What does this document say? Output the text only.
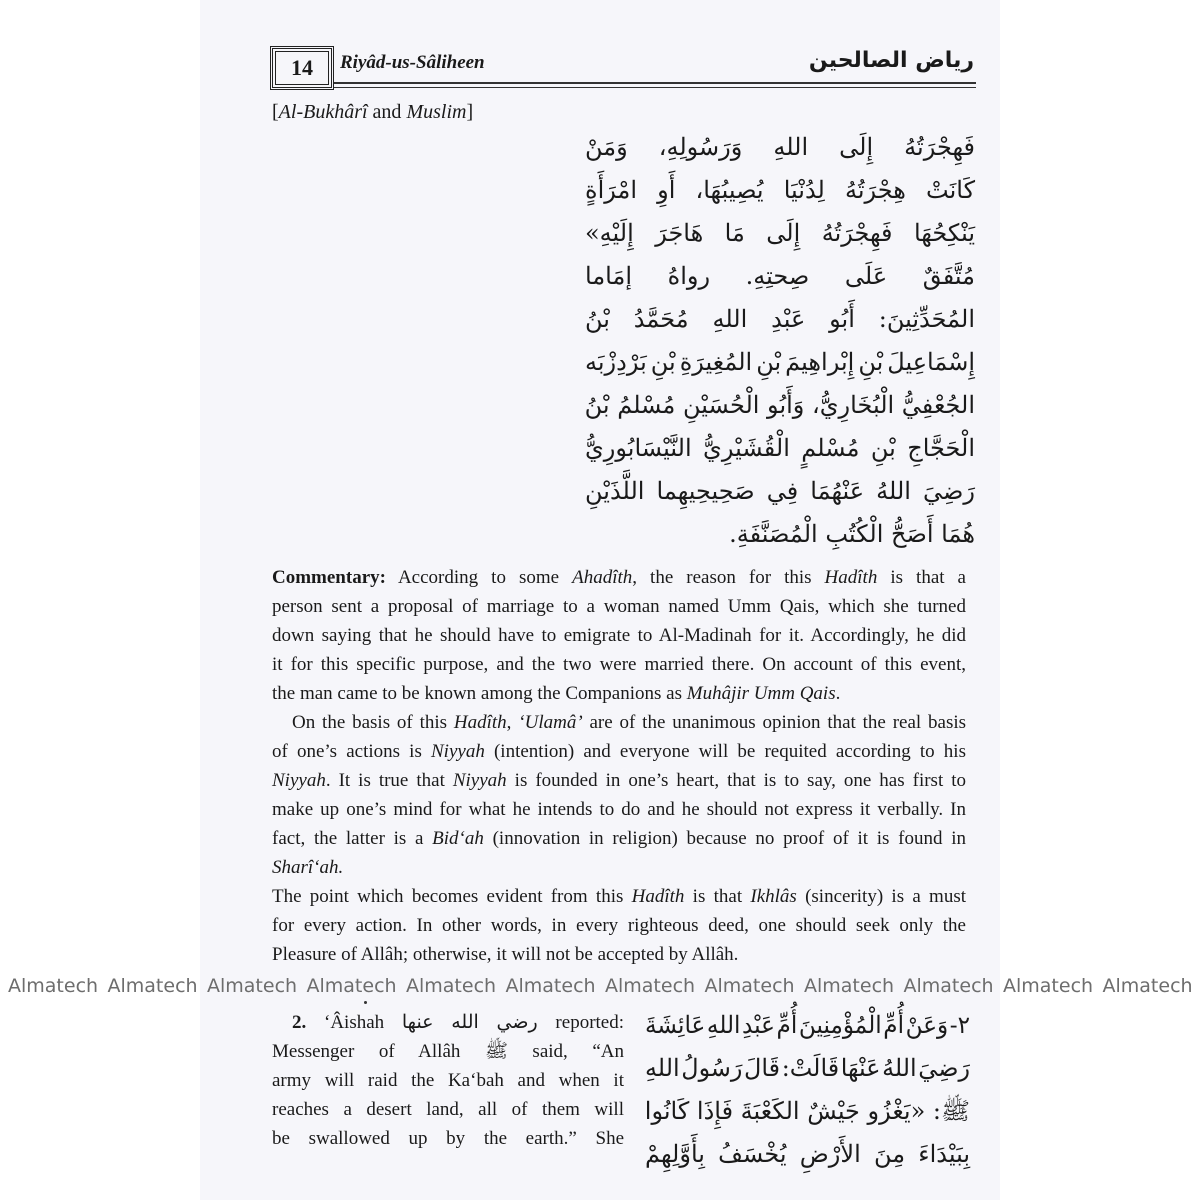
14 Riyâd-us-Sâliheen	رياض الصالحين
[Al-Bukhârî and Muslim]
فَهِجْرَتُهُ إِلَى اللهِ وَرَسُولِهِ، وَمَنْ
كَانَتْ هِجْرَتُهُ لِدُنْيَا يُصِيبُهَا، أَوِ امْرَأَةٍ
يَنْكِحُهَا فَهِجْرَتُهُ إِلَى مَا هَاجَرَ إِلَيْهِ»
مُتَّفَقٌ عَلَى صِحتِهِ. رواهُ إمَاما
المُحَدِّثِينَ: أَبُو عَبْدِ اللهِ مُحَمَّدُ بْنُ
إِسْمَاعِيلَ بْنِ إِبْراهِيمَ بْنِ المُغِيرَةِ بْنِ بَرْدِزْبَه
الجُعْفِيُّ الْبُخَارِيُّ، وَأَبُو الْحُسَيْنِ مُسْلمُ بْنُ
الْحَجَّاجِ بْنِ مُسْلمٍ الْقُشَيْرِيُّ النَّيْسَابُورِيُّ
رَضِيَ اللهُ عَنْهُمَا فِي صَحِيحِيهِما اللَّذَيْنِ
هُمَا أَصَحُّ الْكُتُبِ الْمُصَنَّفَةِ.
Commentary: According to some Ahadîth, the reason for this Hadîth is that a
person sent a proposal of marriage to a woman named Umm Qais, which she turned
down saying that he should have to emigrate to Al-Madinah for it. Accordingly, he did
it for this specific purpose, and the two were married there. On account of this event,
the man came to be known among the Companions as Muhâjir Umm Qais.
On the basis of this Hadîth, ‘Ulamâ’ are of the unanimous opinion that the real basis
of one’s actions is Niyyah (intention) and everyone will be requited according to his
Niyyah. It is true that Niyyah is founded in one’s heart, that is to say, one has first to
make up one’s mind for what he intends to do and he should not express it verbally. In
fact, the latter is a Bid‘ah (innovation in religion) because no proof of it is found in
Sharî‘ah.
The point which becomes evident from this Hadîth is that Ikhlâs (sincerity) is a must
for every action. In other words, in every righteous deed, one should seek only the
Pleasure of Allâh; otherwise, it will not be accepted by Allâh.
Almatech Almatech Almatech Almatech Almatech Almatech Almatech Almatech Almatech Almatech Almatech Almatech
2. ‘Âishah رضي الله عنها reported:
Messenger of Allâh ﷺ said, “An
army will raid the Ka‘bah and when it
reaches a desert land, all of them will
be swallowed up by the earth.” She
٢- وَعَنْ أُمِّ الْمُؤْمِنِينَ أُمِّ عَبْدِ اللهِ عَائِشَةَ
رَضِيَ اللهُ عَنْهَا قَالَتْ: قَالَ رَسُولُ اللهِ
ﷺ: «يَغْزُو جَيْشٌ الكَعْبَةَ فَإِذَا كَانُوا
بِبَيْدَاءَ مِنَ الأَرْضِ يُخْسَفُ بِأَوَّلِهِمْ
